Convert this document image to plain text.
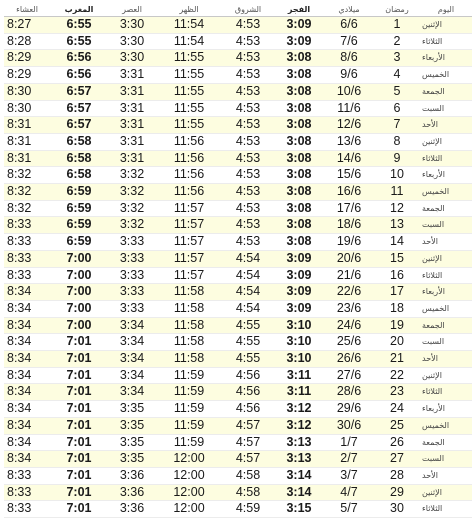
العشاء	المغرب	العصر	الظهر	الشروق	الفجر	ميلادي	رمضان	اليوم
8:27	6:55	3:30	11:54	4:53	3:09	6/6	1	الإثنين
8:28	6:55	3:30	11:54	4:53	3:09	7/6	2	الثلاثاء
8:29	6:56	3:30	11:55	4:53	3:08	8/6	3	الأربعاء
8:29	6:56	3:31	11:55	4:53	3:08	9/6	4	الخميس
8:30	6:57	3:31	11:55	4:53	3:08	10/6	5	الجمعة
8:30	6:57	3:31	11:55	4:53	3:08	11/6	6	السبت
8:31	6:57	3:31	11:55	4:53	3:08	12/6	7	الأحد
8:31	6:58	3:31	11:56	4:53	3:08	13/6	8	الإثنين
8:31	6:58	3:31	11:56	4:53	3:08	14/6	9	الثلاثاء
8:32	6:58	3:32	11:56	4:53	3:08	15/6	10	الأربعاء
8:32	6:59	3:32	11:56	4:53	3:08	16/6	11	الخميس
8:32	6:59	3:32	11:57	4:53	3:08	17/6	12	الجمعة
8:33	6:59	3:32	11:57	4:53	3:08	18/6	13	السبت
8:33	6:59	3:33	11:57	4:53	3:08	19/6	14	الأحد
8:33	7:00	3:33	11:57	4:54	3:09	20/6	15	الإثنين
8:33	7:00	3:33	11:57	4:54	3:09	21/6	16	الثلاثاء
8:34	7:00	3:33	11:58	4:54	3:09	22/6	17	الأربعاء
8:34	7:00	3:33	11:58	4:54	3:09	23/6	18	الخميس
8:34	7:00	3:34	11:58	4:55	3:10	24/6	19	الجمعة
8:34	7:01	3:34	11:58	4:55	3:10	25/6	20	السبت
8:34	7:01	3:34	11:58	4:55	3:10	26/6	21	الأحد
8:34	7:01	3:34	11:59	4:56	3:11	27/6	22	الإثنين
8:34	7:01	3:34	11:59	4:56	3:11	28/6	23	الثلاثاء
8:34	7:01	3:35	11:59	4:56	3:12	29/6	24	الأربعاء
8:34	7:01	3:35	11:59	4:57	3:12	30/6	25	الخميس
8:34	7:01	3:35	11:59	4:57	3:13	1/7	26	الجمعة
8:34	7:01	3:35	12:00	4:57	3:13	2/7	27	السبت
8:33	7:01	3:36	12:00	4:58	3:14	3/7	28	الأحد
8:33	7:01	3:36	12:00	4:58	3:14	4/7	29	الإثنين
8:33	7:01	3:36	12:00	4:59	3:15	5/7	30	الثلاثاء
